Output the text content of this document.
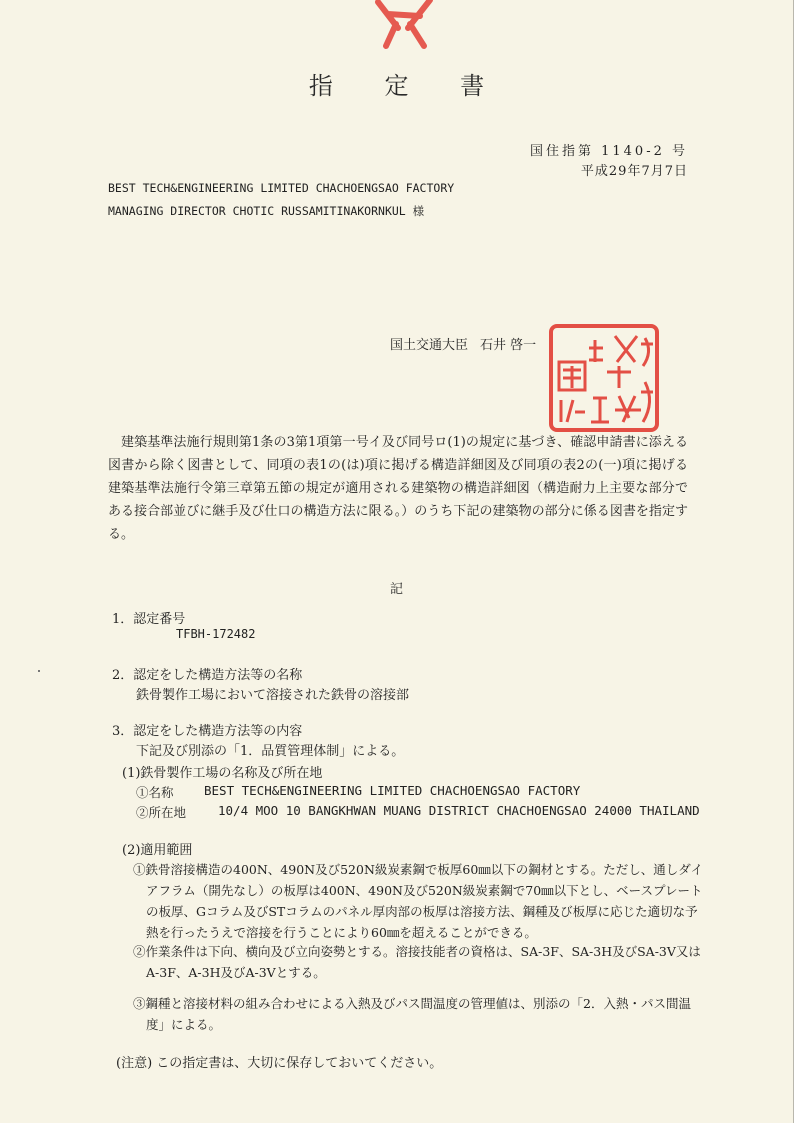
指 定 書
国住指第 1140-2 号
平成29年7月7日
BEST TECH&ENGINEERING LIMITED CHACHOENGSAO FACTORY
MANAGING DIRECTOR CHOTIC RUSSAMITINAKORNKUL 様
国土交通大臣 石井 啓一
建築基準法施行規則第1条の3第1項第一号イ及び同号ロ(1)の規定に基づき、確認申請書に添える図書から除く図書として、同項の表1の(は)項に掲げる構造詳細図及び同項の表2の(一)項に掲げる建築基準法施行令第三章第五節の規定が適用される建築物の構造詳細図（構造耐力上主要な部分である接合部並びに継手及び仕口の構造方法に限る。）のうち下記の建築物の部分に係る図書を指定する。
記
1．認定番号
TFBH-172482
2．認定をした構造方法等の名称
鉄骨製作工場において溶接された鉄骨の溶接部
3．認定をした構造方法等の内容
下記及び別添の「1．品質管理体制」による。
(1)鉄骨製作工場の名称及び所在地
①名称 BEST TECH&ENGINEERING LIMITED CHACHOENGSAO FACTORY
②所在地	10/4 MOO 10 BANGKHWAN MUANG DISTRICT CHACHOENGSAO 24000 THAILAND
(2)適用範囲
①鉄骨溶接構造の400N、490N及び520N級炭素鋼で板厚60㎜以下の鋼材とする。ただし、通しダイアフラム（開先なし）の板厚は400N、490N及び520N級炭素鋼で70㎜以下とし、ベースプレートの板厚、Gコラム及びSTコラムのパネル厚肉部の板厚は溶接方法、鋼種及び板厚に応じた適切な予熱を行ったうえで溶接を行うことにより60㎜を超えることができる。
②作業条件は下向、横向及び立向姿勢とする。溶接技能者の資格は、SA-3F、SA-3H及びSA-3V又はA-3F、A-3H及びA-3Vとする。
③鋼種と溶接材料の組み合わせによる入熱及びパス間温度の管理値は、別添の「2．入熱・パス間温度」による。
(注意) この指定書は、大切に保存しておいてください。
